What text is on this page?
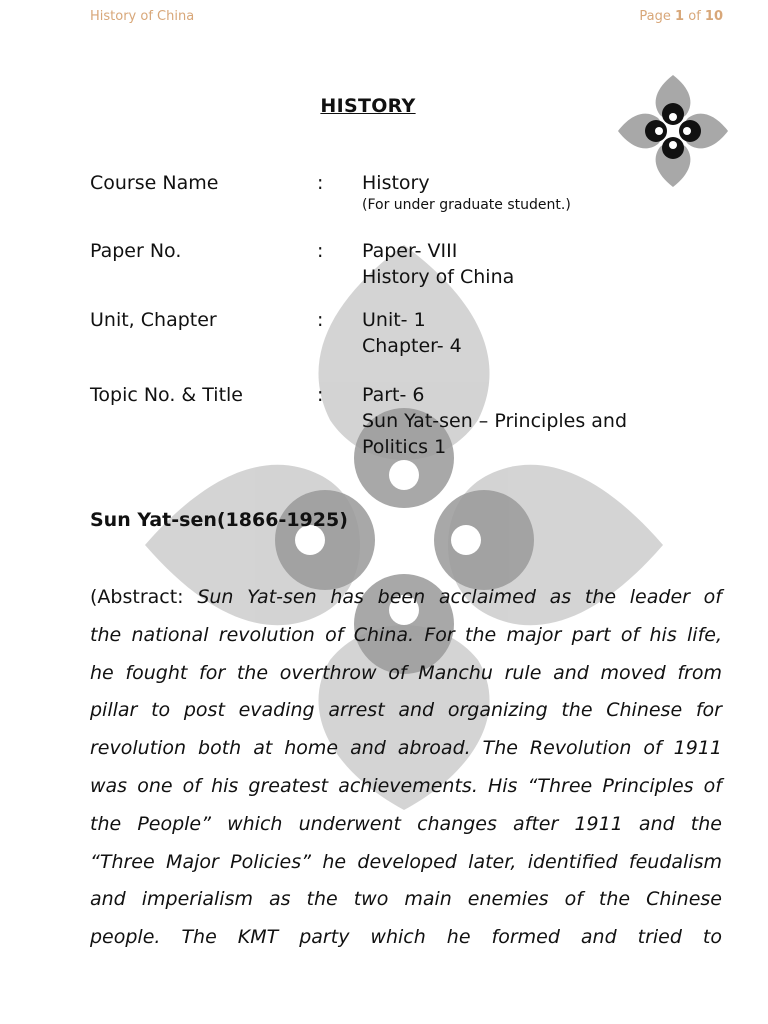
History of China	Page 1 of 10
HISTORY
Course Name	: History
(For under graduate student.)
Paper No.	: Paper- VIII
History of China
Unit, Chapter	: Unit- 1
Chapter- 4
Topic No. & Title	: Part- 6
Sun Yat-sen – Principles and
Politics 1
Sun Yat-sen(1866-1925)
(Abstract: Sun Yat-sen has been acclaimed as the leader of
the national revolution of China. For the major part of his life,
he fought for the overthrow of Manchu rule and moved from
pillar to post evading arrest and organizing the Chinese for
revolution both at home and abroad. The Revolution of 1911
was one of his greatest achievements. His “Three Principles of
the People” which underwent changes after 1911 and the
“Three Major Policies” he developed later, identified feudalism
and imperialism as the two main enemies of the Chinese
people. The KMT party which he formed and tried to
